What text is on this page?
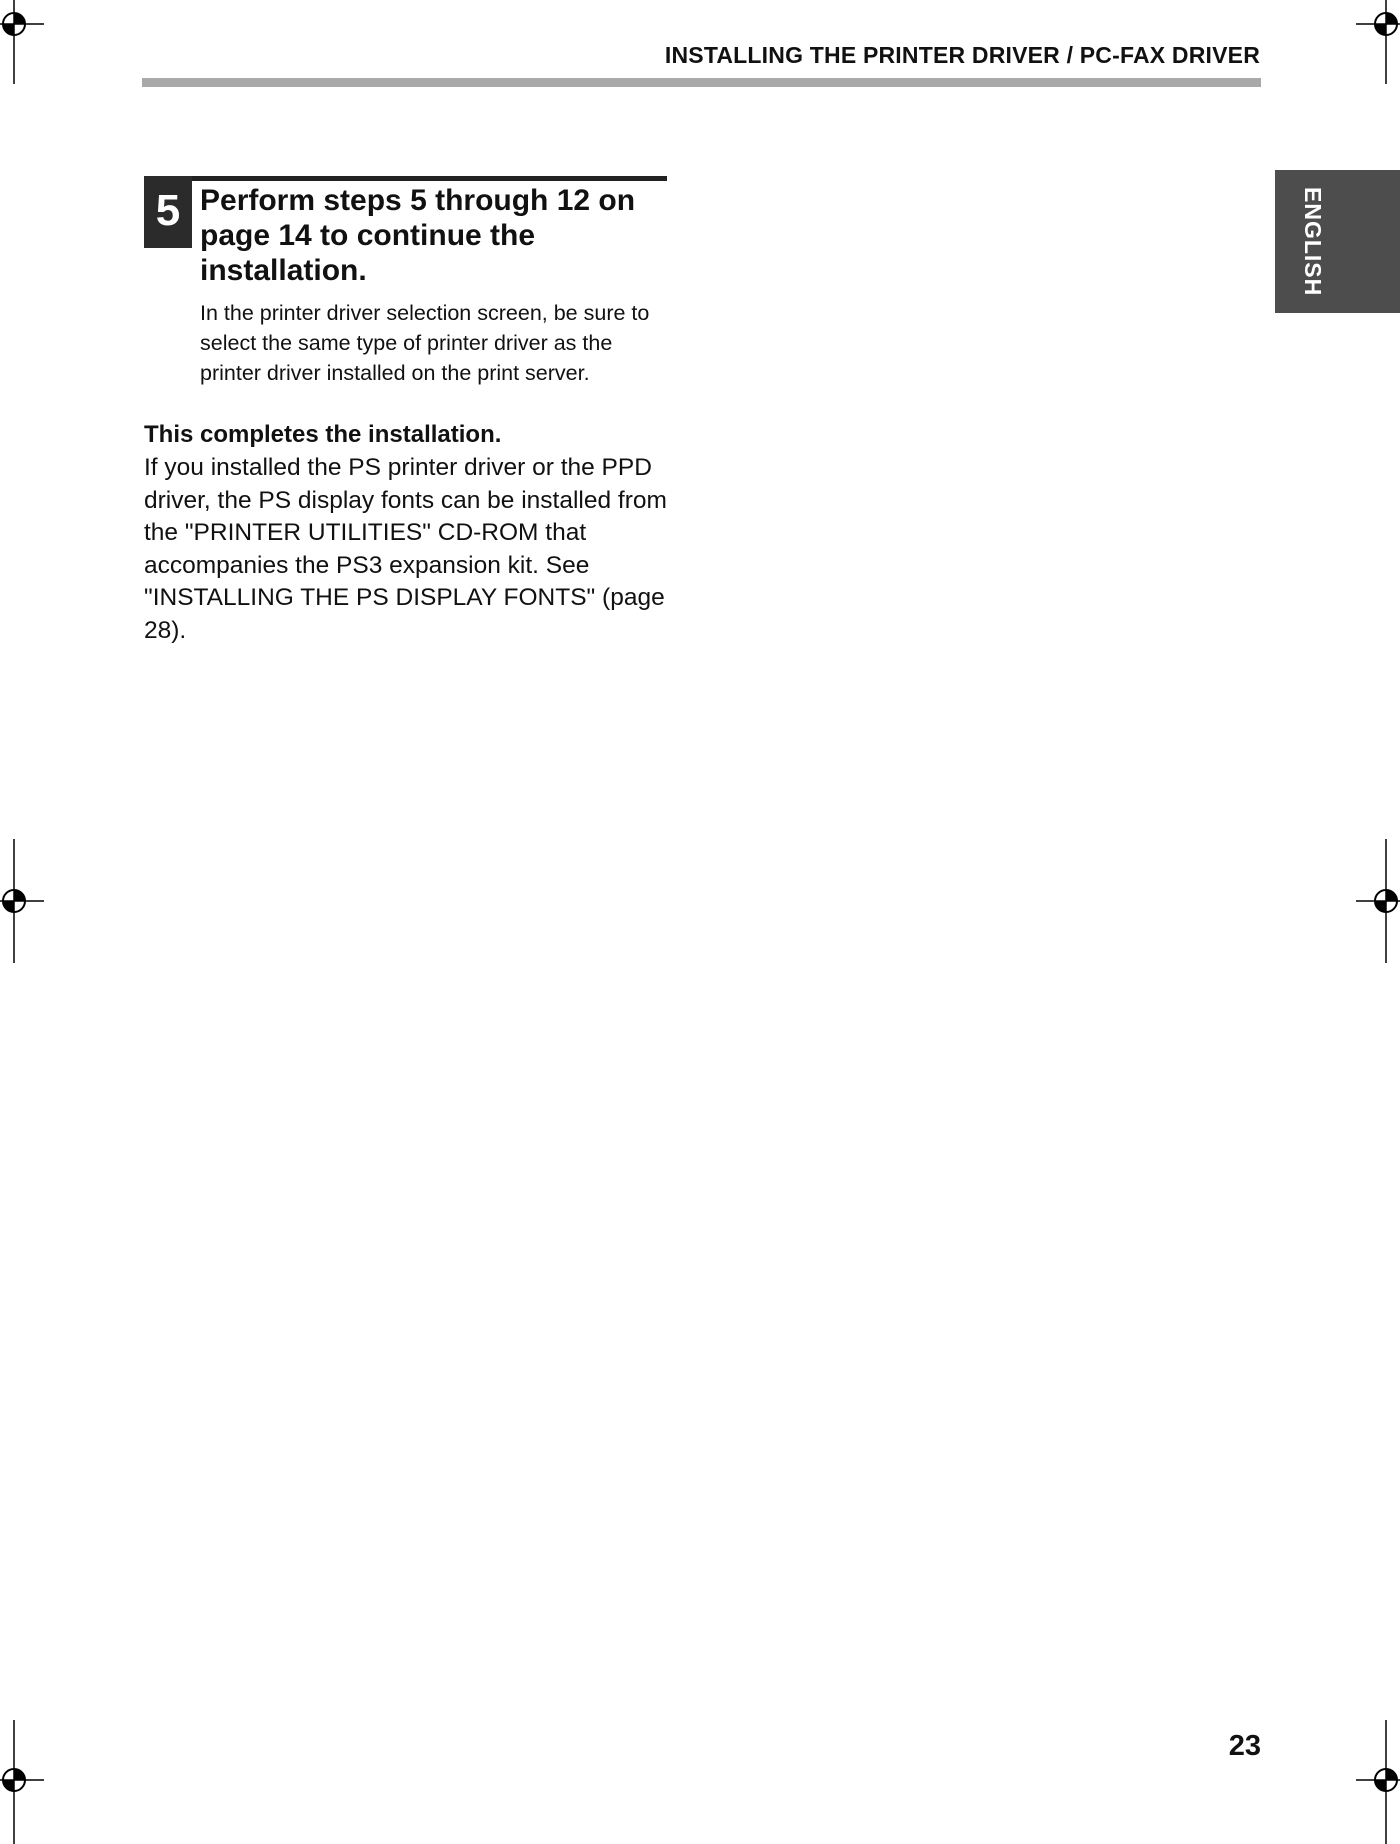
INSTALLING THE PRINTER DRIVER / PC-FAX DRIVER
ENGLISH
5 Perform steps 5 through 12 on page 14 to continue the installation.

In the printer driver selection screen, be sure to select the same type of printer driver as the printer driver installed on the print server.

This completes the installation.

If you installed the PS printer driver or the PPD driver, the PS display fonts can be installed from the "PRINTER UTILITIES" CD-ROM that accompanies the PS3 expansion kit. See "INSTALLING THE PS DISPLAY FONTS" (page 28).

23
